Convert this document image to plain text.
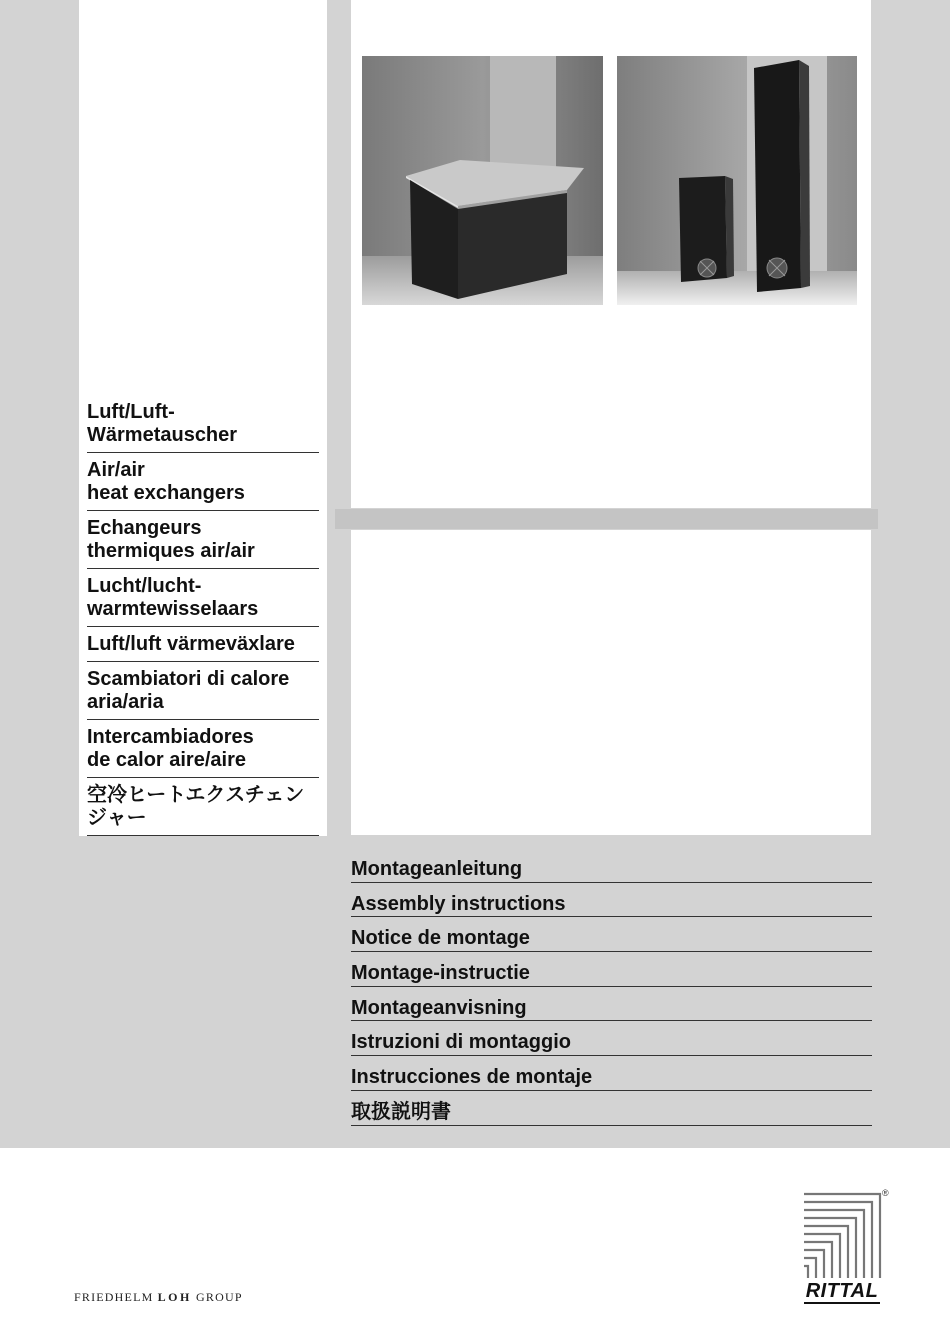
Luft/Luft-
Wärmetauscher
Air/air
heat exchangers
Echangeurs
thermiques air/air
Lucht/lucht-
warmtewisselaars
Luft/luft värmeväxlare
Scambiatori di calore
aria/aria
Intercambiadores
de calor aire/aire
空冷ヒートエクスチェン
ジャー
Montageanleitung
Assembly instructions
Notice de montage
Montage-instructie
Montageanvisning
Istruzioni di montaggio
Instrucciones de montaje
取扱説明書
FRIEDHELM LOH GROUP	RITTAL
®
